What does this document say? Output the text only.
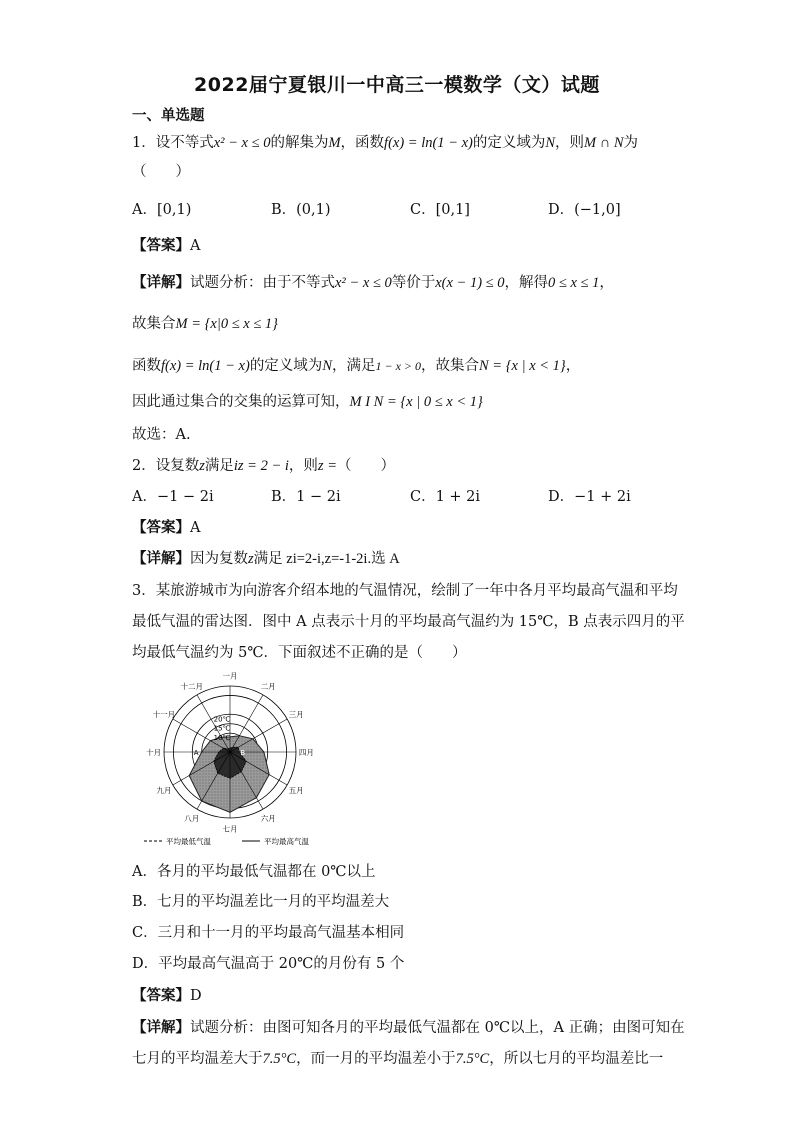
2022届宁夏银川一中高三一模数学（文）试题
一、单选题
1．设不等式x² − x ≤ 0的解集为M，函数f(x) = ln(1 − x)的定义域为N，则M ∩ N为
（　　）
A．[0,1)	B．(0,1)	C．[0,1]	D．(−1,0]
【答案】A
【详解】试题分析：由于不等式x² − x ≤ 0等价于x(x − 1) ≤ 0，解得0 ≤ x ≤ 1，
故集合M = {x|0 ≤ x ≤ 1}
函数f(x) = ln(1 − x)的定义域为N，满足1 − x > 0，故集合N = {x | x < 1}，
因此通过集合的交集的运算可知，M I N = {x | 0 ≤ x < 1}
故选：A.
2．设复数z满足iz = 2 − i，则z =（　　）
A．−1 − 2i	B．1 − 2i	C．1 + 2i	D．−1 + 2i
【答案】A
【详解】因为复数z满足 zi=2-i,z=-1-2i.选 A
3．某旅游城市为向游客介绍本地的气温情况，绘制了一年中各月平均最高气温和平均
最低气温的雷达图．图中 A 点表示十月的平均最高气温约为 15℃，B 点表示四月的平
均最低气温约为 5℃．下面叙述不正确的是（　　）
20℃
15℃
10℃
一月
二月
三月
四月
五月
六月
七月
八月
九月
十月
十一月
十二月
A	B
平均最低气温	平均最高气温
A．各月的平均最低气温都在 0℃以上
B．七月的平均温差比一月的平均温差大
C．三月和十一月的平均最高气温基本相同
D．平均最高气温高于 20℃的月份有 5 个
【答案】D
【详解】试题分析：由图可知各月的平均最低气温都在 0℃以上，A 正确；由图可知在
七月的平均温差大于7.5°C，而一月的平均温差小于7.5°C，所以七月的平均温差比一
